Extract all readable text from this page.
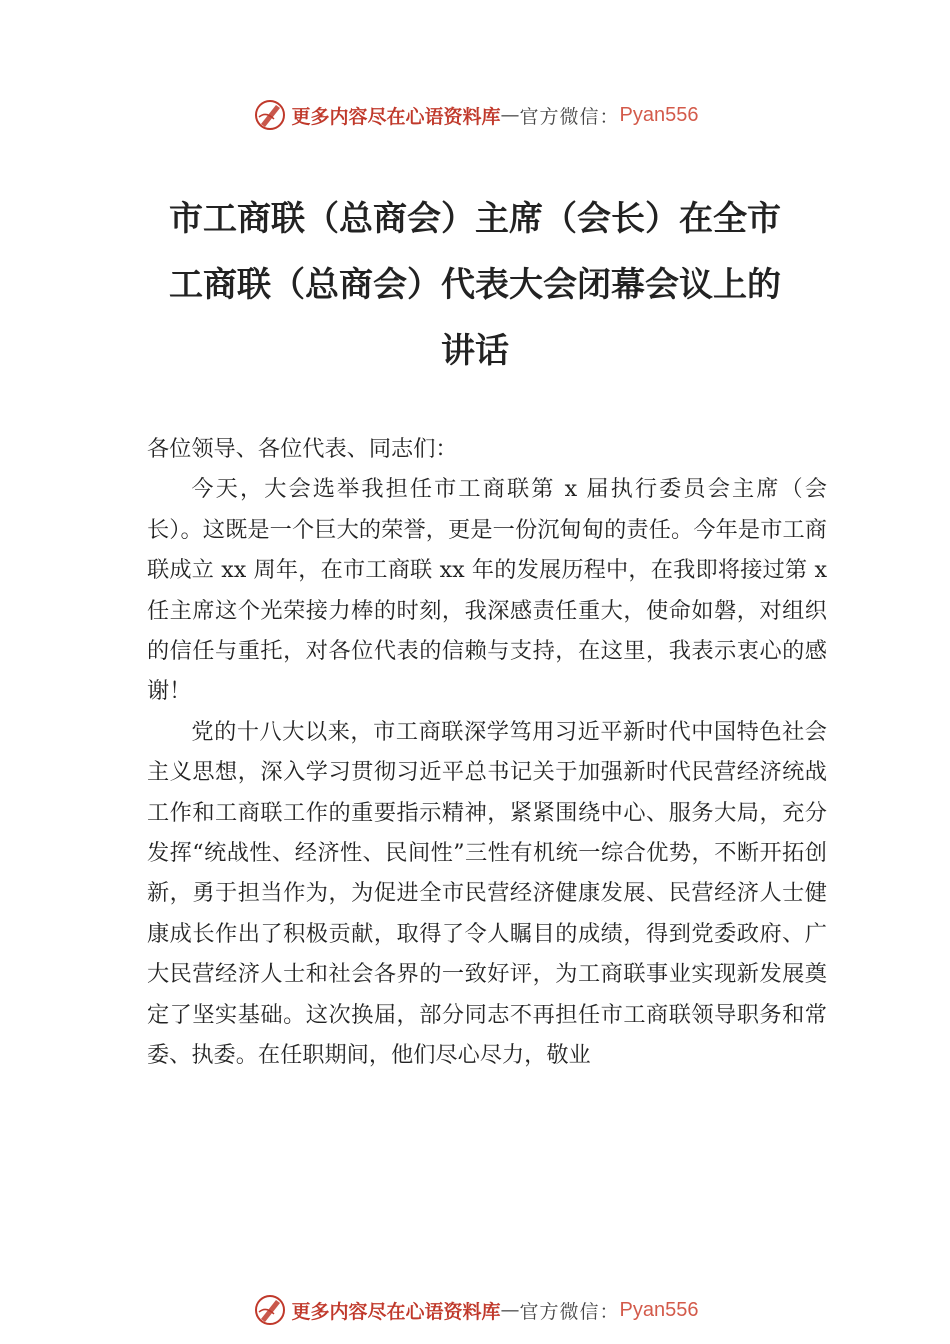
更多内容尽在心语资料库 — 官方微信： Pyan556
市工商联（总商会）主席（会长）在全市
工商联（总商会）代表大会闭幕会议上的
讲话

各位领导、各位代表、同志们：

今天，大会选举我担任市工商联第 x 届执行委员会主席（会长）。这既是一个巨大的荣誉，更是一份沉甸甸的责任。今年是市工商联成立 xx 周年，在市工商联 xx 年的发展历程中，在我即将接过第 x 任主席这个光荣接力棒的时刻，我深感责任重大，使命如磐，对组织的信任与重托，对各位代表的信赖与支持，在这里，我表示衷心的感谢！

党的十八大以来，市工商联深学笃用习近平新时代中国特色社会主义思想，深入学习贯彻习近平总书记关于加强新时代民营经济统战工作和工商联工作的重要指示精神，紧紧围绕中心、服务大局，充分发挥“统战性、经济性、民间性”三性有机统一综合优势，不断开拓创新，勇于担当作为，为促进全市民营经济健康发展、民营经济人士健康成长作出了积极贡献，取得了令人瞩目的成绩，得到党委政府、广大民营经济人士和社会各界的一致好评，为工商联事业实现新发展奠定了坚实基础。这次换届，部分同志不再担任市工商联领导职务和常委、执委。在任职期间，他们尽心尽力，敬业

更多内容尽在心语资料库 — 官方微信： Pyan556
